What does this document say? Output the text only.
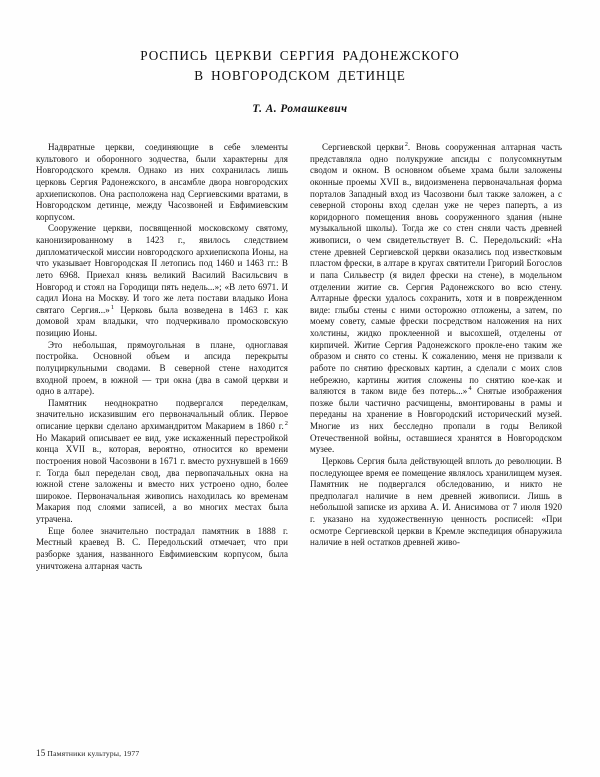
РОСПИСЬ ЦЕРКВИ СЕРГИЯ РАДОНЕЖСКОГО
В НОВГОРОДСКОМ ДЕТИНЦЕ
Т. А. Ромашкевич

Надвратные церкви, соединяющие в себе элементы культового и оборонного зодчества, были характерны для Новгородского кремля. Однако из них сохранилась лишь церковь Сергия Радонежского, в ансамбле двора новгородских архиепископов. Она расположена над Сергиевскими вратами, в Новгородском детинце, между Часозвоней и Евфимиевским корпусом.

Сооружение церкви, посвященной московскому святому, канонизированному в 1423 г., явилось следствием дипломатической миссии новгородского архиепископа Ионы, на что указывает Новгородская II летопись под 1460 и 1463 гг.: В лето 6968. Приехал князь великий Василий Васильсвич в Новгород и стоял на Городищи пять недель...»; «В лето 6971. И садил Иона на Москву. И того же лета постави владыко Иона святаго Сергия...»$^1$ Церковь была возведена в 1463 г. как домовой храм владыки, что подчеркивало промосковскую позицию Ионы.

Это небольшая, прямоугольная в плане, одноглавая постройка. Основной объем и апсида перекрыты полуциркульными сводами. В северной стене находится входной проем, в южной — три окна (два в самой церкви и одно в алтаре).

Памятник неоднократно подвергался переделкам, значительно исказившим его первоначальный облик. Первое описание церкви сделано архимандритом Макарием в 1860 г.$^2$ Но Макарий описывает ее вид, уже искаженный перестройкой конца XVII в., которая, вероятно, относится ко времени построения новой Часозвони в 1671 г. вместо рухнувшей в 1669 г. Тогда был переделан свод, два первопачальных окна на южной стене заложены и вместо них устроено одно, более широкое. Первоначальная живопись находилась ко временам Макария под слоями записей, а во многих местах была утрачена.

Еще более значительно пострадал памятник в 1888 г. Местный краевед В. С. Передольский отмечает, что при разборке здания, названного Евфимиевским корпусом, была уничтожена алтарная часть

Сергиевской церкви$^2$. Вновь сооруженная алтарная часть представляла одно полукружие апсиды с полусомкнутым сводом и окном. В основном объеме храма были заложены оконные проемы XVII в., видоизменена первоначальная форма порталов Западный вход из Часозвони был также заложен, а с северной стороны вход сделан уже не через паперть, а из коридорного помещения вновь сооруженного здания (ныне музыкальной школы). Тогда же со стен сняли часть древней живописи, о чем свидетельствует В. С. Передольский: «На стене древней Сергиевской церкви оказались под известковым пластом фрески, в алтаре в кругах святители Григорий Богослов и папа Сильвестр (я видел фрески на стене), в модельном отделении житие св. Сергия Радонежского во всю стену. Алтарные фрески удалось сохранить, хотя и в поврежденном виде: глыбы стены с ними осторожно отложены, а затем, по моему совету, самые фрески посредством наложения на них холстины, жидко проклеенной и высохшей, отделены от кирпичей. Житие Сергия Радонежского прокле-ено таким же образом и снято со стены. К сожалению, меня не призвали к работе по снятию фресковых картин, а сделали с моих слов небрежно, картины жития сложены по снятию кое-как и валяются в таком виде без потерь...»$^4$ Снятые изображения позже были частично расчищены, вмонтированы в рамы и переданы на хранение в Новгородский исторический музей. Многие из них бесследно пропали в годы Великой Отечественной войны, оставшиеся хранятся в Новгородском музее.

Церковь Сергия была действующей вплоть до революции. В последующее время ее помещение являлось хранилищем музея. Памятник не подвергался обследованию, и никто не предполагал наличие в нем древней живописи. Лишь в небольшой записке из архива А. И. Анисимова от 7 июля 1920 г. указано на художественную ценность росписей: «При осмотре Сергиевской церкви в Кремле экспедиция обнаружила наличие в ней остатков древней живо-

15 Памятники культуры, 1977
